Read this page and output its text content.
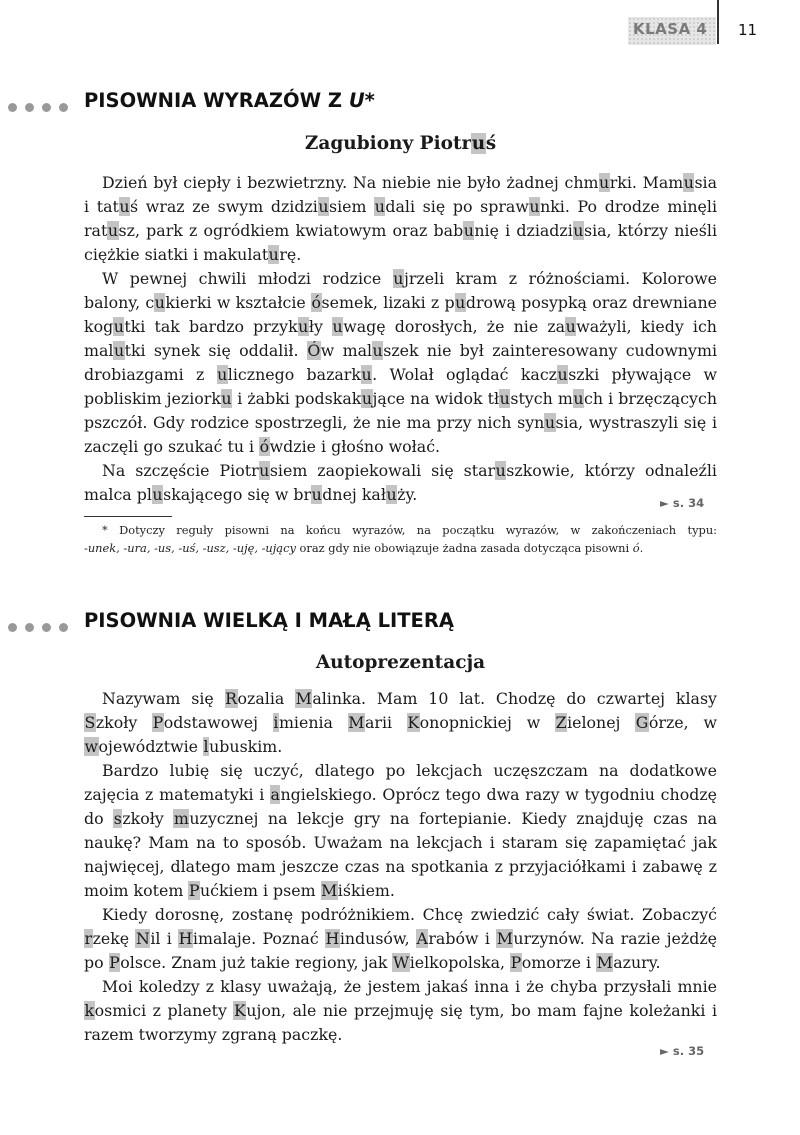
KLASA 4 11
PISOWNIA WYRAZÓW Z U*
Zagubiony Piotruś

Dzień był ciepły i bezwietrzny. Na niebie nie było żadnej chmurki. Mamusia i tatuś wraz ze swym dzidziusiem udali się po sprawunki. Po drodze minęli ratusz, park z ogródkiem kwiatowym oraz babunię i dziadziusia, którzy nieśli ciężkie siatki i makulaturę.

W pewnej chwili młodzi rodzice ujrzeli kram z różnościami. Kolorowe balony, cukierki w kształcie ósemek, lizaki z pudrową posypką oraz drewniane kogutki tak bardzo przykuły uwagę dorosłych, że nie zauważyli, kiedy ich malutki synek się oddalił. Ów maluszek nie był zainteresowany cudownymi drobiazgami z ulicznego bazarku. Wolał oglądać kaczuszki pływające w pobliskim jeziorku i żabki podskakujące na widok tłustych much i brzęczących pszczół. Gdy rodzice spostrzegli, że nie ma przy nich synusia, wystraszyli się i zaczęli go szukać tu i ówdzie i głośno wołać.

Na szczęście Piotrusiem zaopiekowali się staruszkowie, którzy odnaleźli malca pluskającego się w brudnej kałuży.	► s. 34
* Dotyczy reguły pisowni na końcu wyrazów, na początku wyrazów, w zakończeniach typu:
-unek, -ura, -us, -uś, -usz, -uję, -ujący oraz gdy nie obowiązuje żadna zasada dotycząca pisowni ó.
PISOWNIA WIELKĄ I MAŁĄ LITERĄ
Autoprezentacja

Nazywam się Rozalia Malinka. Mam 10 lat. Chodzę do czwartej klasy Szkoły Podstawowej imienia Marii Konopnickiej w Zielonej Górze, w województwie lubuskim.

Bardzo lubię się uczyć, dlatego po lekcjach uczęszczam na dodatkowe zajęcia z matematyki i angielskiego. Oprócz tego dwa razy w tygodniu chodzę do szkoły muzycznej na lekcje gry na fortepianie. Kiedy znajduję czas na naukę? Mam na to sposób. Uważam na lekcjach i staram się zapamiętać jak najwięcej, dlatego mam jeszcze czas na spotkania z przyjaciółkami i zabawę z moim kotem Pućkiem i psem Miśkiem.

Kiedy dorosnę, zostanę podróżnikiem. Chcę zwiedzić cały świat. Zobaczyć rzekę Nil i Himalaje. Poznać Hindusów, Arabów i Murzynów. Na razie jeżdżę po Polsce. Znam już takie regiony, jak Wielkopolska, Pomorze i Mazury.

Moi koledzy z klasy uważają, że jestem jakaś inna i że chyba przysłali mnie kosmici z planety Kujon, ale nie przejmuję się tym, bo mam fajne koleżanki i razem tworzymy zgraną paczkę.

► s. 35
